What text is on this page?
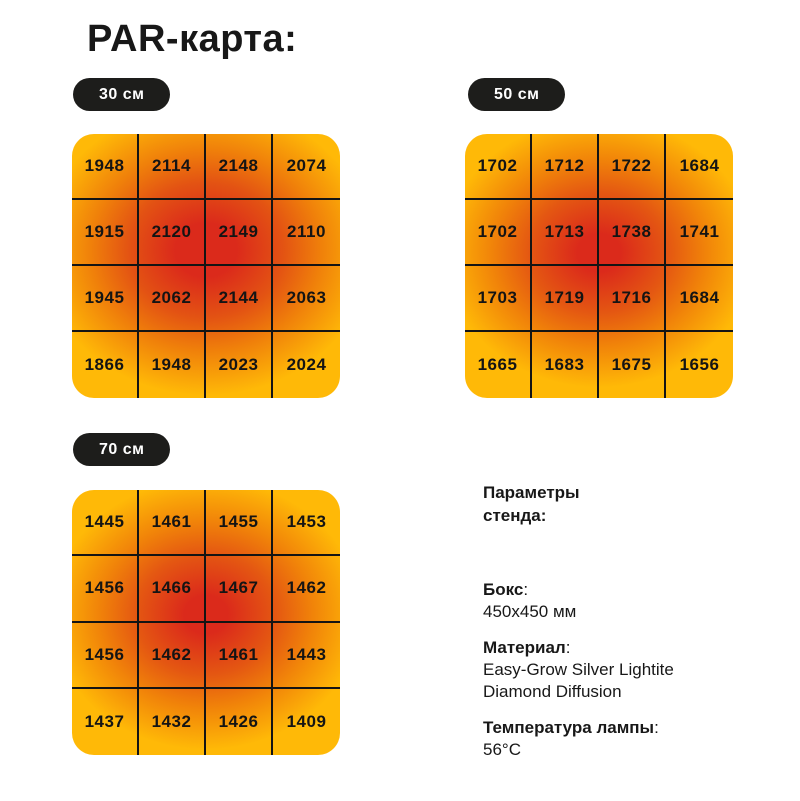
PAR-карта:
30 см	50 см
70 см
1948	2114	2148	2074
1915	2120	2149	2110
1945	2062	2144	2063
1866	1948	2023	2024
1702	1712	1722	1684
1702	1713	1738	1741
1703	1719	1716	1684
1665	1683	1675	1656
1445	1461	1455	1453
1456	1466	1467	1462
1456	1462	1461	1443
1437	1432	1426	1409
Параметры стенда:
Бокс:
450x450 мм
Материал:
Easy-Grow Silver Lightite Diamond Diffusion
Температура лампы:
56°C
